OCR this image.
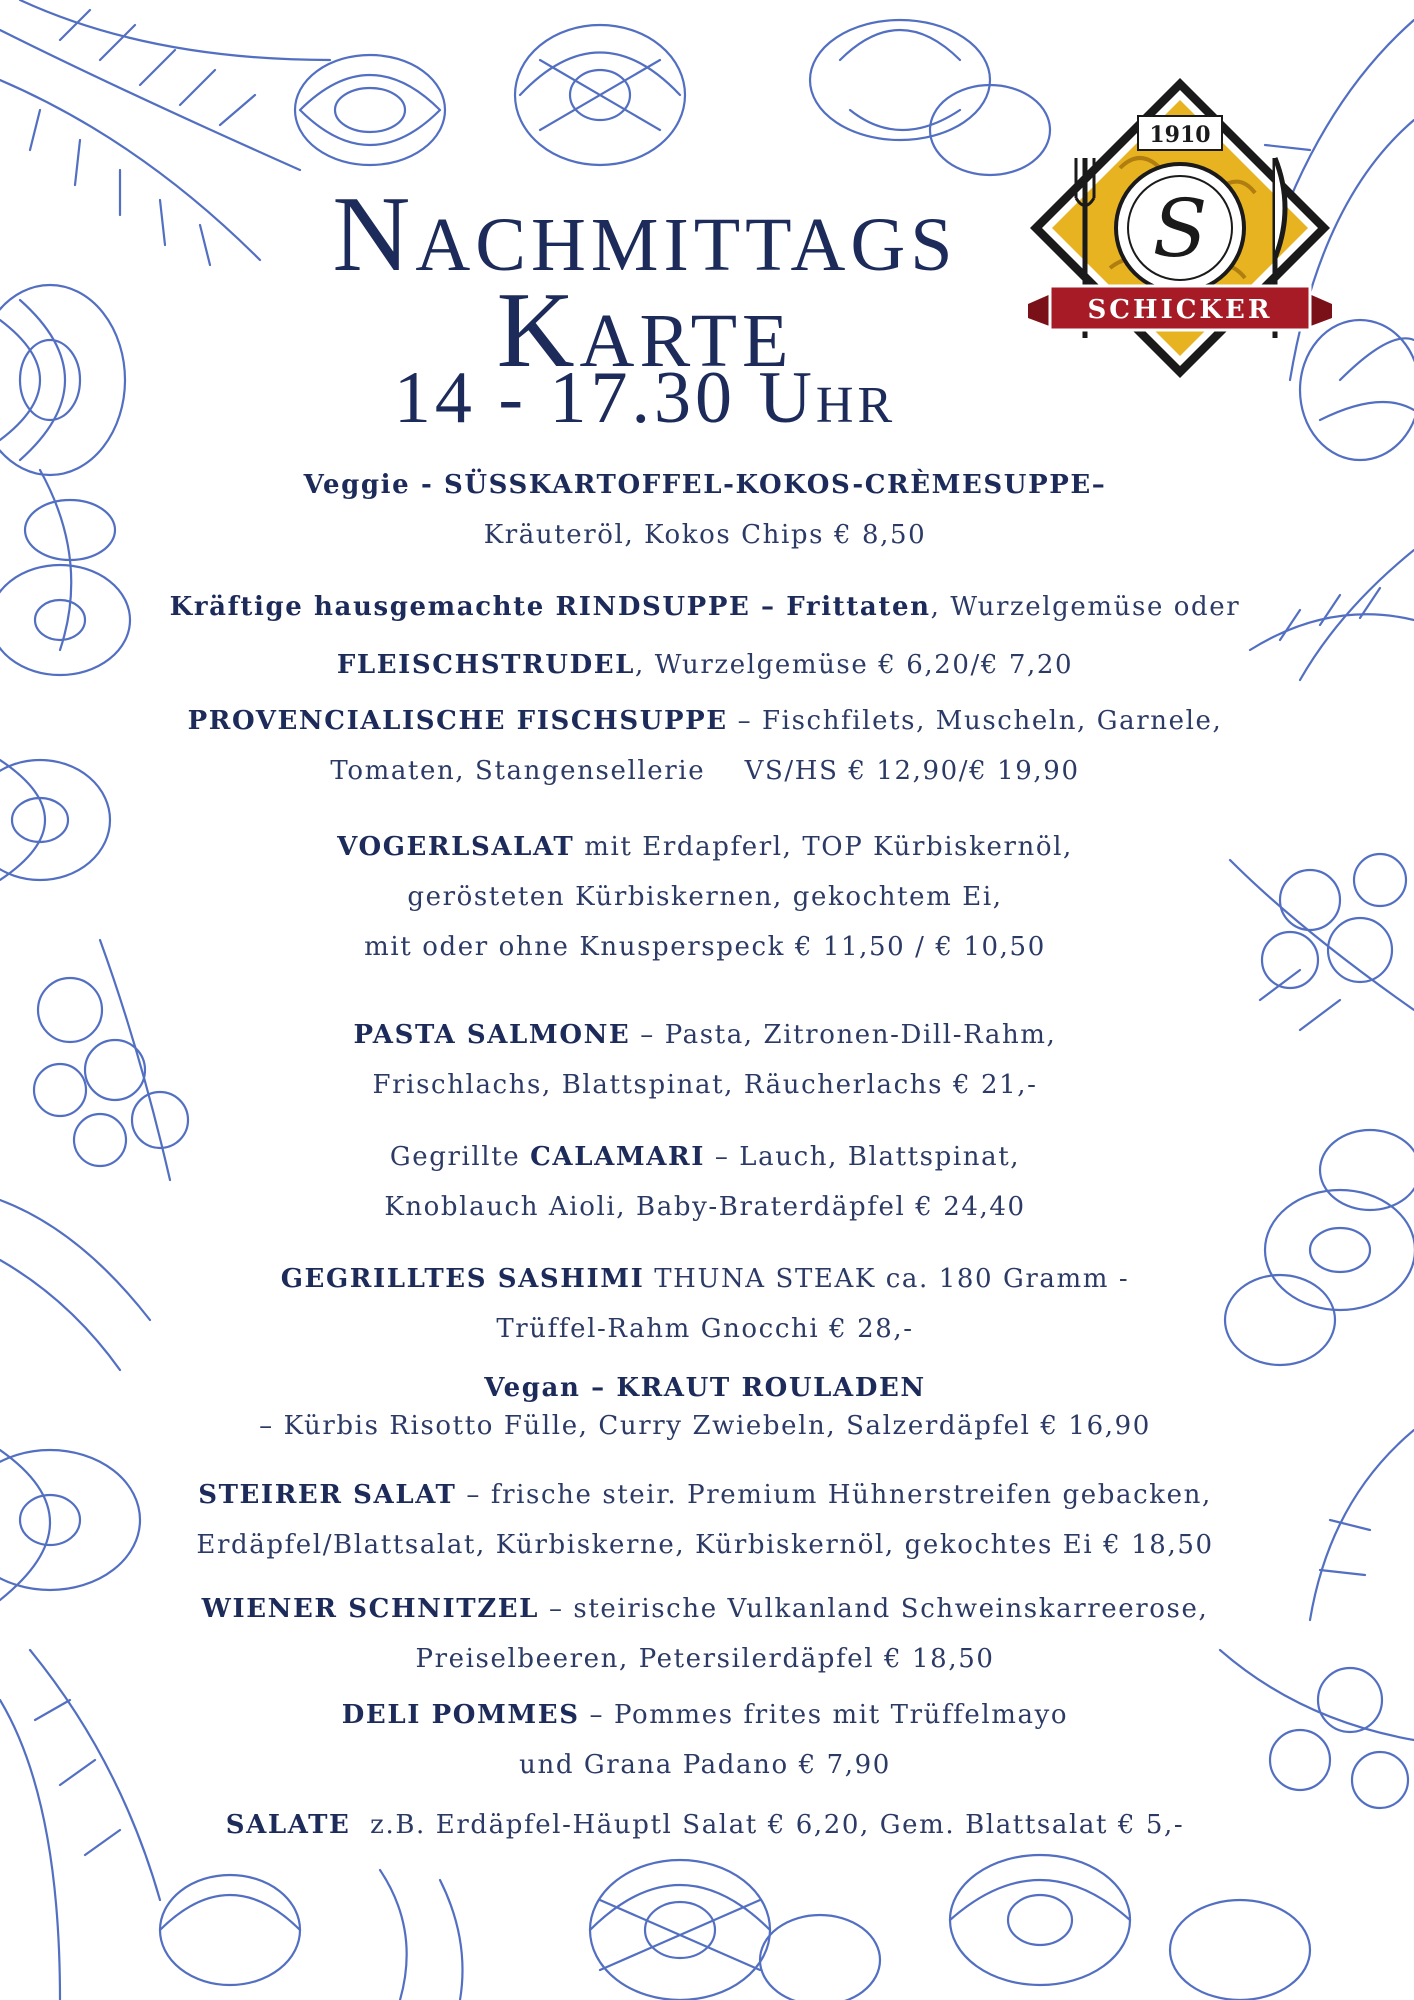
1910
S
SCHICKER
Nachmittags
Karte
14 - 17.30 Uhr
Veggie - SÜSSKARTOFFEL-KOKOS-CRÈMESUPPE–
Kräuteröl, Kokos Chips € 8,50
Kräftige hausgemachte RINDSUPPE – Frittaten, Wurzelgemüse oder
FLEISCHSTRUDEL, Wurzelgemüse € 6,20/€ 7,20
PROVENCIALISCHE FISCHSUPPE – Fischfilets, Muscheln, Garnele,
Tomaten, Stangensellerie    VS/HS € 12,90/€ 19,90
VOGERLSALAT mit Erdapferl, TOP Kürbiskernöl,
gerösteten Kürbiskernen, gekochtem Ei,
mit oder ohne Knusperspeck € 11,50 / € 10,50
PASTA SALMONE – Pasta, Zitronen-Dill-Rahm,
Frischlachs, Blattspinat, Räucherlachs € 21,-
Gegrillte CALAMARI – Lauch, Blattspinat,
Knoblauch Aioli, Baby-Braterdäpfel € 24,40
GEGRILLTES SASHIMI THUNA STEAK ca. 180 Gramm -
Trüffel-Rahm Gnocchi € 28,-
Vegan – KRAUT ROULADEN
– Kürbis Risotto Fülle, Curry Zwiebeln, Salzerdäpfel € 16,90
STEIRER SALAT – frische steir. Premium Hühnerstreifen gebacken,
Erdäpfel/Blattsalat, Kürbiskerne, Kürbiskernöl, gekochtes Ei € 18,50
WIENER SCHNITZEL – steirische Vulkanland Schweinskarreerose,
Preiselbeeren, Petersilerdäpfel € 18,50
DELI POMMES – Pommes frites mit Trüffelmayo
und Grana Padano € 7,90
SALATE  z.B. Erdäpfel-Häuptl Salat € 6,20, Gem. Blattsalat € 5,-
